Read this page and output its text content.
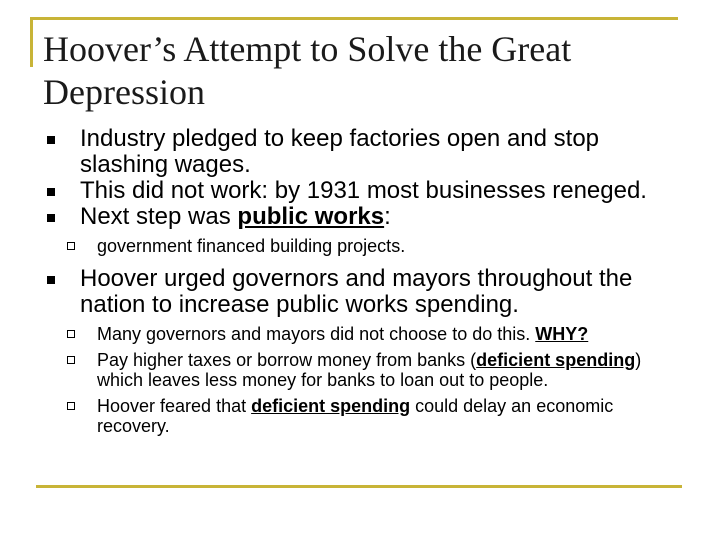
Hoover’s Attempt to Solve the Great Depression
Industry pledged to keep factories open and stop slashing wages.
This did not work: by 1931 most businesses reneged.
Next step was public works:
government financed building projects.
Hoover urged governors and mayors throughout the nation to increase public works spending.
Many governors and mayors did not choose to do this. WHY?
Pay higher taxes or borrow money from banks (deficient spending) which leaves less money for banks to loan out to people.
Hoover feared that deficient spending could delay an economic recovery.
